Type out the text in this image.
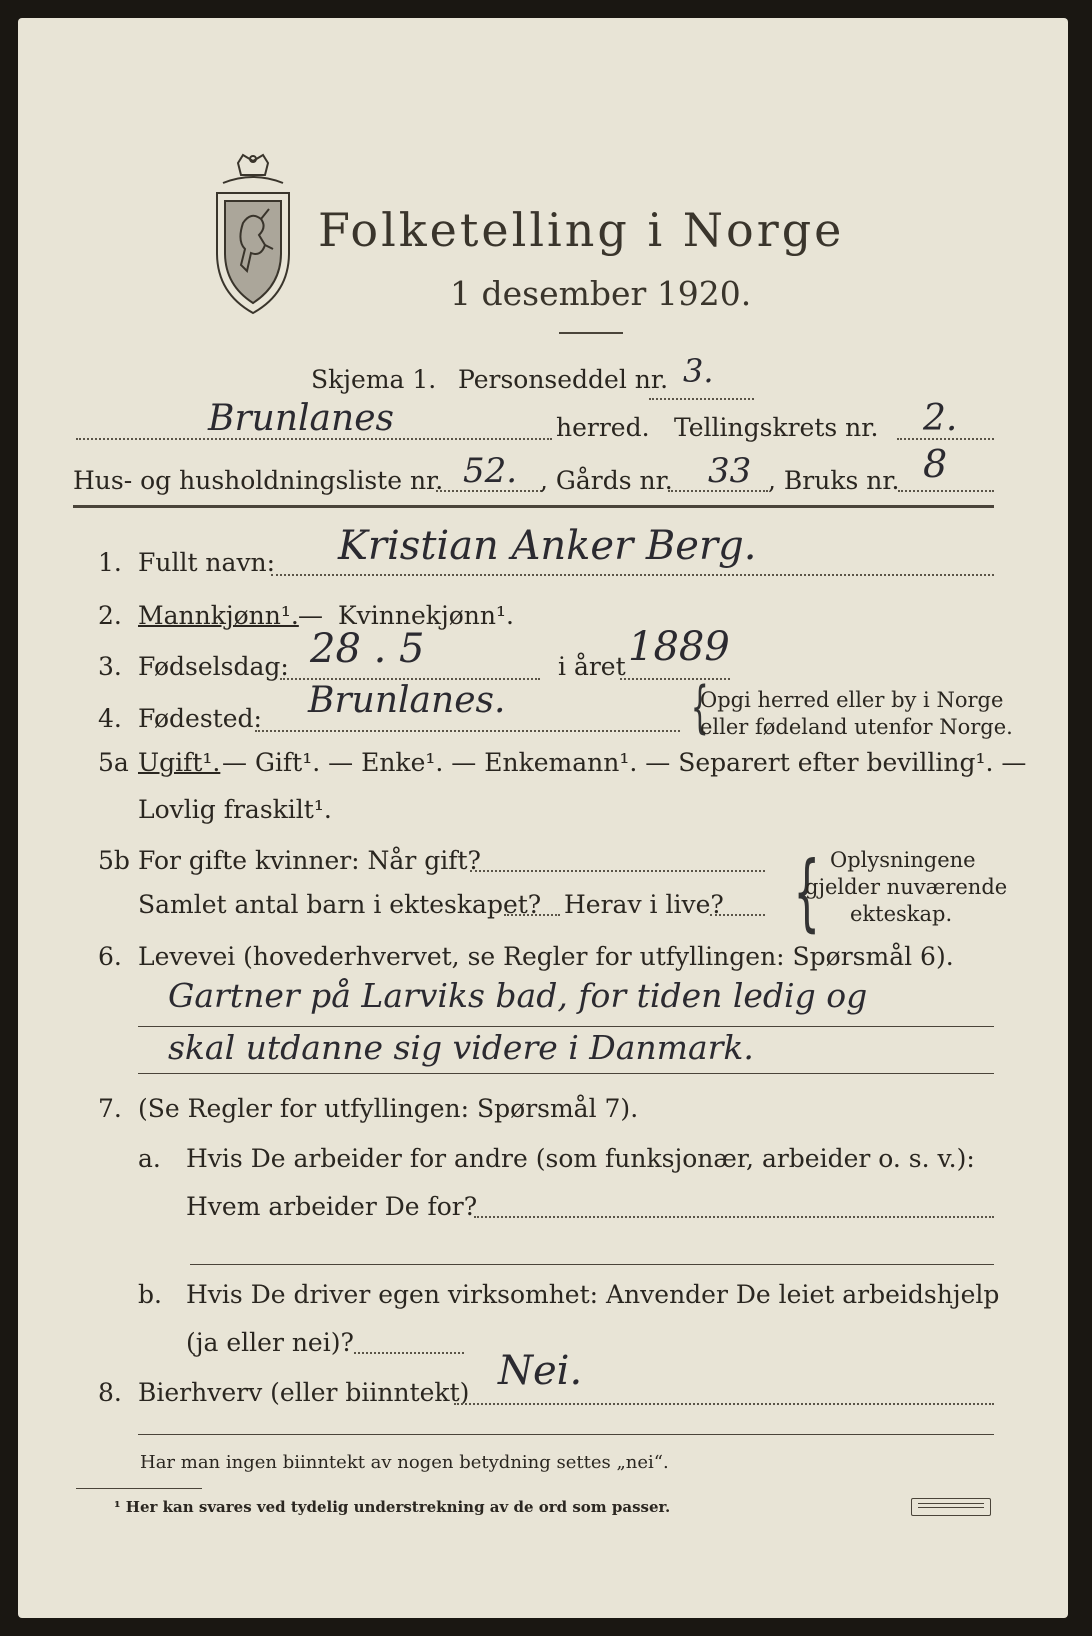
Folketelling i Norge
1 desember 1920.
Skjema 1. Personseddel nr. 3.
Brunlanes	herred. Tellingskrets nr. 2.
Hus- og husholdningsliste nr. 52. , Gårds nr. 33 , Bruks nr. 8
1. Fullt navn: Kristian Anker Berg.
2. Mannkjønn¹. — Kvinnekjønn¹.
3. Fødselsdag: 28 . 5	i året 1889
4. Fødested: Brunlanes.	{
Opgi herred eller by i Norge
eller fødeland utenfor Norge.
5a Ugift¹. — Gift¹. — Enke¹. — Enkemann¹. — Separert efter bevilling¹. —
Lovlig fraskilt¹.
5b For gifte kvinner: Når gift?
Samlet antal barn i ekteskapet? Herav i live? { Oplysningene
gjelder nuværende
ekteskap.
6. Levevei (hovederhvervet, se Regler for utfyllingen: Spørsmål 6).
Gartner på Larviks bad, for tiden ledig og
skal utdanne sig videre i Danmark.
7. (Se Regler for utfyllingen: Spørsmål 7).
a. Hvis De arbeider for andre (som funksjonær, arbeider o. s. v.):
Hvem arbeider De for?
b. Hvis De driver egen virksomhet: Anvender De leiet arbeidshjelp
(ja eller nei)?
8. Bierhverv (eller biinntekt) Nei.
Har man ingen biinntekt av nogen betydning settes „nei“.
¹ Her kan svares ved tydelig understrekning av de ord som passer.
